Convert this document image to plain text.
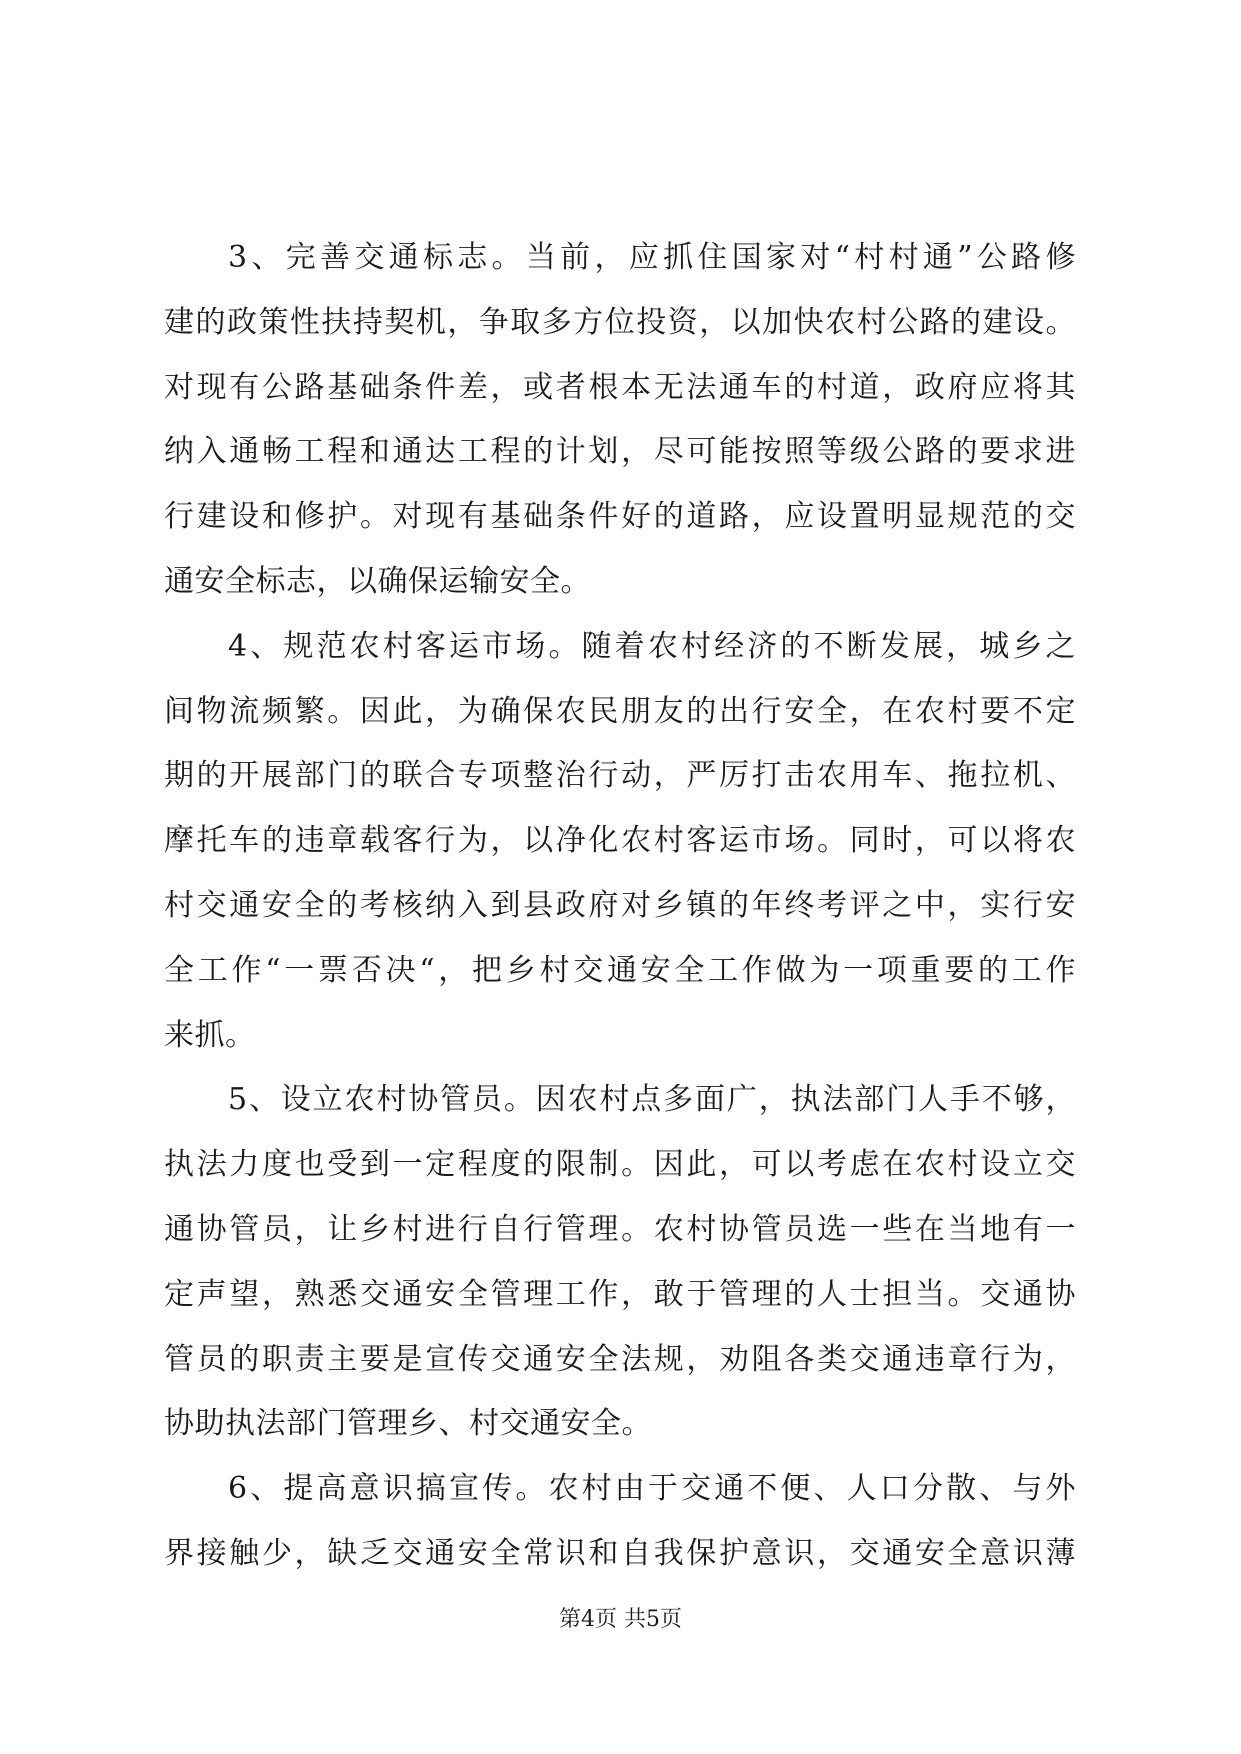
3、完善交通标志。当前，应抓住国家对“村村通”公路修
建的政策性扶持契机，争取多方位投资，以加快农村公路的建设。
对现有公路基础条件差，或者根本无法通车的村道，政府应将其
纳入通畅工程和通达工程的计划，尽可能按照等级公路的要求进
行建设和修护。对现有基础条件好的道路，应设置明显规范的交
通安全标志，以确保运输安全。
4、规范农村客运市场。随着农村经济的不断发展，城乡之
间物流频繁。因此，为确保农民朋友的出行安全，在农村要不定
期的开展部门的联合专项整治行动，严厉打击农用车、拖拉机、
摩托车的违章载客行为，以净化农村客运市场。同时，可以将农
村交通安全的考核纳入到县政府对乡镇的年终考评之中，实行安
全工作“一票否决“，把乡村交通安全工作做为一项重要的工作
来抓。
5、设立农村协管员。因农村点多面广，执法部门人手不够，
执法力度也受到一定程度的限制。因此，可以考虑在农村设立交
通协管员，让乡村进行自行管理。农村协管员选一些在当地有一
定声望，熟悉交通安全管理工作，敢于管理的人士担当。交通协
管员的职责主要是宣传交通安全法规，劝阻各类交通违章行为，
协助执法部门管理乡、村交通安全。
6、提高意识搞宣传。农村由于交通不便、人口分散、与外
界接触少，缺乏交通安全常识和自我保护意识，交通安全意识薄
第4页 共5页
